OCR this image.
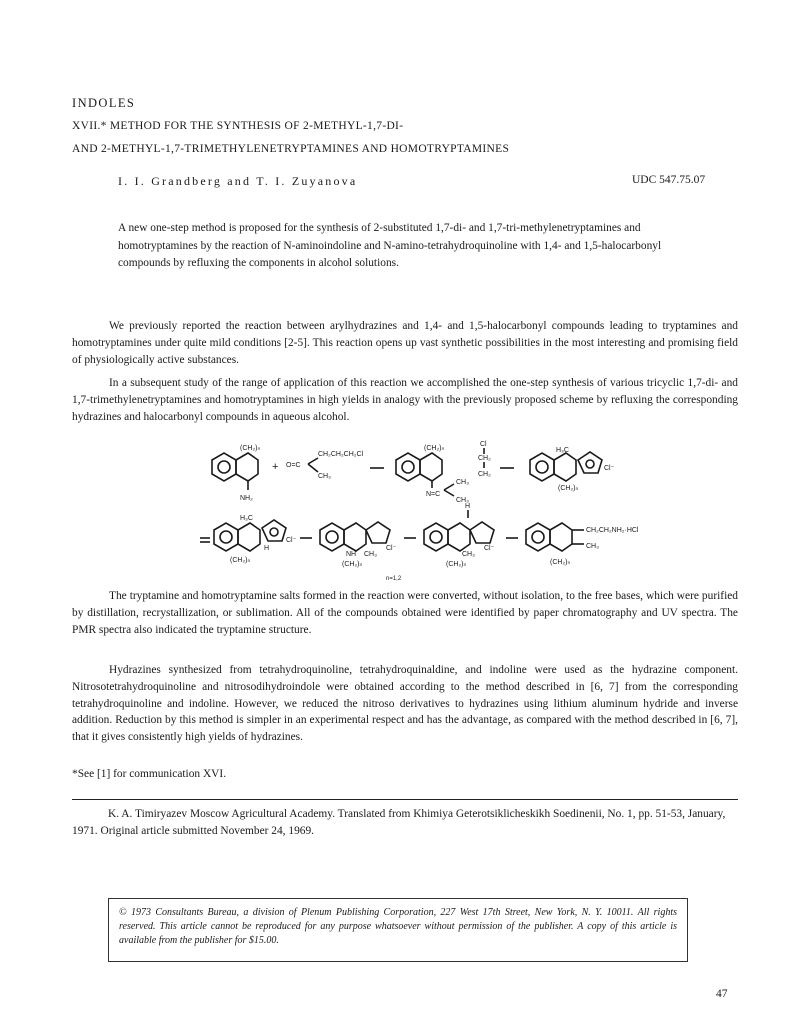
INDOLES
XVII.* METHOD FOR THE SYNTHESIS OF 2-METHYL-1,7-DI-
AND 2-METHYL-1,7-TRIMETHYLENETRYPTAMINES AND HOMOTRYPTAMINES
I. I. Grandberg and T. I. Zuyanova	UDC 547.75.07
A new one-step method is proposed for the synthesis of 2-substituted 1,7-di- and 1,7-tri-methylenetryptamines and homotryptamines by the reaction of N-aminoindoline and N-amino-tetrahydroquinoline with 1,4- and 1,5-halocarbonyl compounds by refluxing the components in alcohol solutions.

We previously reported the reaction between arylhydrazines and 1,4- and 1,5-halocarbonyl compounds leading to tryptamines and homotryptamines under quite mild conditions [2-5]. This reaction opens up vast synthetic possibilities in the most interesting and promising field of physiologically active substances.

In a subsequent study of the range of application of this reaction we accomplished the one-step synthesis of various tricyclic 1,7-di- and 1,7-trimethylenetryptamines and homotryptamines in high yields in analogy with the previously proposed scheme by refluxing the corresponding hydrazines and halocarbonyl compounds in aqueous alcohol.

(CH₂)ₙ
NH₂
+ O=C
CH₂CH₂CH₂Cl
CH₃
(CH₂)ₙ
N=C
CH₃
CH₃
Cl
CH₂
CH₂
H₃C
Cl⁻
(CH₂)ₙ
H₃C
H
Cl⁻
(CH₂)ₙ
NH CH₃
Cl⁻
(CH₂)ₙ
H
CH₃
Cl⁻
(CH₂)ₙ
CH₂CH₂NH₂·HCl
CH₃
(CH₂)ₙ
n=1,2

The tryptamine and homotryptamine salts formed in the reaction were converted, without isolation, to the free bases, which were purified by distillation, recrystallization, or sublimation. All of the compounds obtained were identified by paper chromatography and UV spectra. The PMR spectra also indicated the tryptamine structure.

Hydrazines synthesized from tetrahydroquinoline, tetrahydroquinaldine, and indoline were used as the hydrazine component. Nitrosotetrahydroquinoline and nitrosodihydroindole were obtained according to the method described in [6, 7] from the corresponding tetrahydroquinoline and indoline. However, we reduced the nitroso derivatives to hydrazines using lithium aluminum hydride and inverse addition. Reduction by this method is simpler in an experimental respect and has the advantage, as compared with the method described in [6, 7], that it gives consistently high yields of hydrazines.

*See [1] for communication XVI.
K. A. Timiryazev Moscow Agricultural Academy. Translated from Khimiya Geterotsiklicheskikh Soedinenii, No. 1, pp. 51-53, January, 1971. Original article submitted November 24, 1969.
© 1973 Consultants Bureau, a division of Plenum Publishing Corporation, 227 West 17th Street, New York, N. Y. 10011. All rights reserved. This article cannot be reproduced for any purpose whatsoever without permission of the publisher. A copy of this article is available from the publisher for $15.00.
47
